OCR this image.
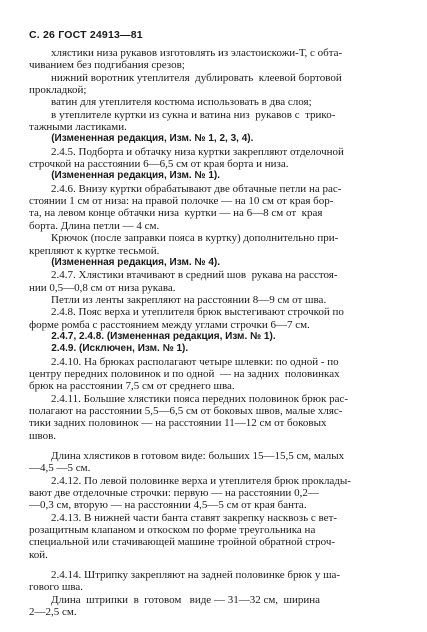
С. 26 ГОСТ 24913—81
хлястики низа рукавов изготовлять из эластоискожи-Т, с обта-
чиванием без подгибания срезов;
нижний воротник утеплителя  дублировать  клеевой бортовой
прокладкой;
ватин для утеплителя костюма использовать в два слоя;
в утеплителе куртки из сукна и ватина низ  рукавов с  трико-
тажными ластиками.
(Измененная редакция, Изм. № 1, 2, 3, 4).
2.4.5. Подборта и обтачку низа куртки закрепляют отделочной
строчкой на расстоянии 6—6,5 см от края борта и низа.
(Измененная редакция, Изм. № 1).
2.4.6. Внизу куртки обрабатывают две обтачные петли на рас-
стоянии 1 см от низа: на правой полочке — на 10 см от края бор-
та, на левом конце обтачки низа  куртки — на 6—8 см от  края
борта. Длина петли — 4 см.
Крючок (после заправки пояса в куртку) дополнительно при-
крепляют к куртке тесьмой.
(Измененная редакция, Изм. № 4).
2.4.7. Хлястики втачивают в средний шов  рукава на расстоя-
нии 0,5—0,8 см от низа рукава.
Петли из ленты закрепляют на расстоянии 8—9 см от шва.
2.4.8. Пояс верха и утеплителя брюк выстегивают строчкой по
форме ромба с расстоянием между углами строчки 6—7 см.
2.4.7, 2.4.8. (Измененная редакция, Изм. № 1).
2.4.9. (Исключен, Изм. № 1).
2.4.10. На брюках располагают четыре шлевки: по одной - по
центру передних половинок и по одной  — на задних  половинках
брюк на расстоянии 7,5 см от среднего шва.
2.4.11. Большие хлястики пояса передних половинок брюк рас-
полагают на расстоянии 5,5—6,5 см от боковых швов, малые хляс-
тики задних половинок — на расстоянии 11—12 см от боковых
швов.
Длина хлястиков в готовом виде: больших 15—15,5 см, малых
—4,5 —5 см.
2.4.12. По левой половинке верха и утеплителя брюк проклады-
вают две отделочные строчки: первую — на расстоянии 0,2—
—0,3 см, вторую — на расстоянии 4,5—5 см от края банта.
2.4.13. В нижней части банта ставят закрепку насквозь с вет-
розащитным клапаном и откоском по форме треугольника на
специальной или стачивающей машине тройной обратной строч-
кой.
2.4.14. Штрипку закрепляют на задней половинке брюк у ша-
гового шва.
Длина  штрипки  в  готовом   виде — 31—32 см,  ширина
2—2,5 см.
